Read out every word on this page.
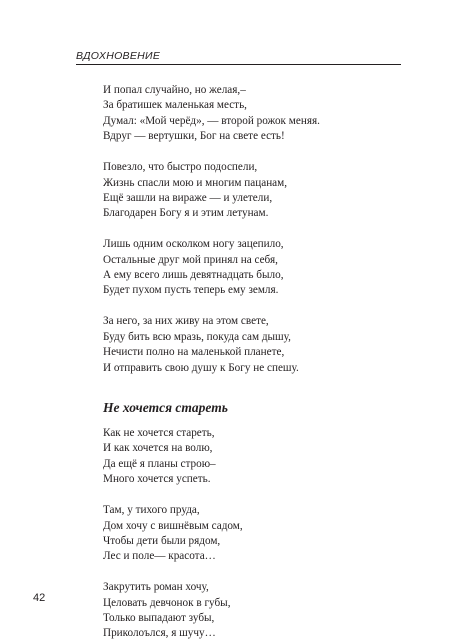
ВДОХНОВЕНИЕ
И попал случайно, но желая,–
За братишек маленькая месть,
Думал: «Мой черёд», — второй рожок меняя.
Вдруг — вертушки, Бог на свете есть!
Повезло, что быстро подоспели,
Жизнь спасли мою и многим пацанам,
Ещё зашли на вираже — и улетели,
Благодарен Богу я и этим летунам.
Лишь одним осколком ногу зацепило,
Остальные друг мой принял на себя,
А ему всего лишь девятнадцать было,
Будет пухом пусть теперь ему земля.
За него, за них живу на этом свете,
Буду бить всю мразь, покуда сам дышу,
Нечисти полно на маленькой планете,
И отправить свою душу к Богу не спешу.
Не хочется стареть
Как не хочется стареть,
И как хочется на волю,
Да ещё я планы строю–
Много хочется успеть.
Там, у тихого пруда,
Дом хочу с вишнёвым садом,
Чтобы дети были рядом,
Лес и поле— красота…
Закрутить роман хочу,
Целовать девчонок в губы,
Только выпадают зубы,
Приколоълся, я шучу…
42
